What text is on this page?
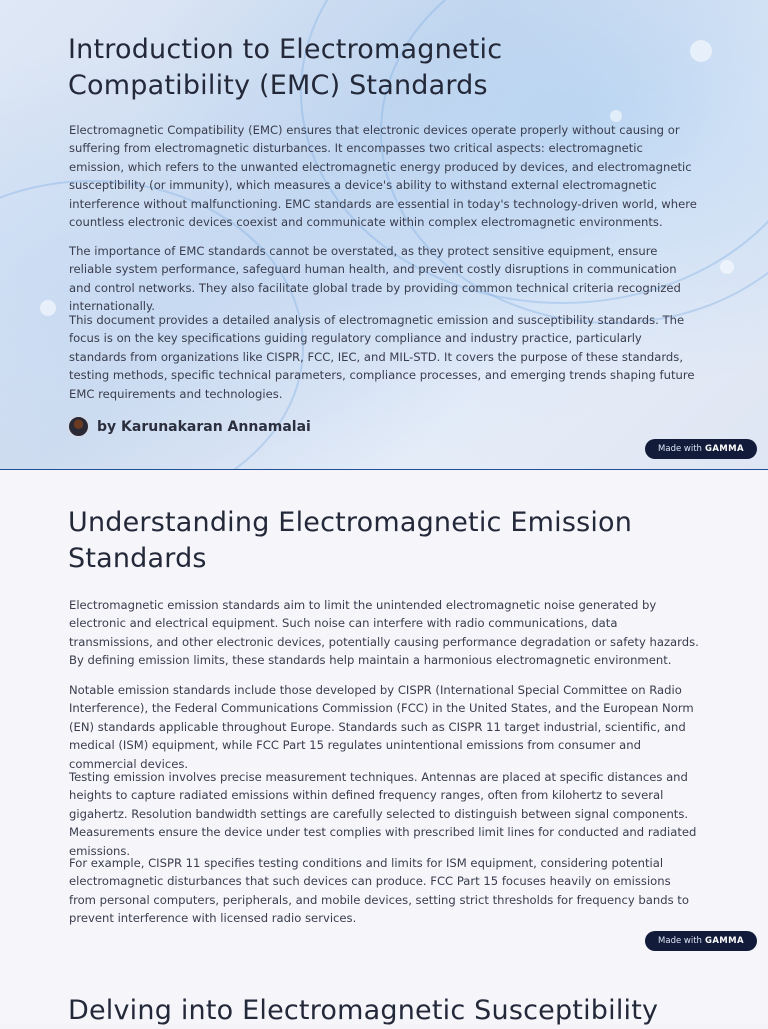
Introduction to Electromagnetic Compatibility (EMC) Standards

Electromagnetic Compatibility (EMC) ensures that electronic devices operate properly without causing or suffering from electromagnetic disturbances. It encompasses two critical aspects: electromagnetic emission, which refers to the unwanted electromagnetic energy produced by devices, and electromagnetic susceptibility (or immunity), which measures a device's ability to withstand external electromagnetic interference without malfunctioning. EMC standards are essential in today's technology-driven world, where countless electronic devices coexist and communicate within complex electromagnetic environments.

The importance of EMC standards cannot be overstated, as they protect sensitive equipment, ensure reliable system performance, safeguard human health, and prevent costly disruptions in communication and control networks. They also facilitate global trade by providing common technical criteria recognized internationally.

This document provides a detailed analysis of electromagnetic emission and susceptibility standards. The focus is on the key specifications guiding regulatory compliance and industry practice, particularly standards from organizations like CISPR, FCC, IEC, and MIL-STD. It covers the purpose of these standards, testing methods, specific technical parameters, compliance processes, and emerging trends shaping future EMC requirements and technologies.

by Karunakaran Annamalai
Made with GAMMA
Understanding Electromagnetic Emission Standards

Electromagnetic emission standards aim to limit the unintended electromagnetic noise generated by electronic and electrical equipment. Such noise can interfere with radio communications, data transmissions, and other electronic devices, potentially causing performance degradation or safety hazards. By defining emission limits, these standards help maintain a harmonious electromagnetic environment.

Notable emission standards include those developed by CISPR (International Special Committee on Radio Interference), the Federal Communications Commission (FCC) in the United States, and the European Norm (EN) standards applicable throughout Europe. Standards such as CISPR 11 target industrial, scientific, and medical (ISM) equipment, while FCC Part 15 regulates unintentional emissions from consumer and commercial devices.

Testing emission involves precise measurement techniques. Antennas are placed at specific distances and heights to capture radiated emissions within defined frequency ranges, often from kilohertz to several gigahertz. Resolution bandwidth settings are carefully selected to distinguish between signal components. Measurements ensure the device under test complies with prescribed limit lines for conducted and radiated emissions.

For example, CISPR 11 specifies testing conditions and limits for ISM equipment, considering potential electromagnetic disturbances that such devices can produce. FCC Part 15 focuses heavily on emissions from personal computers, peripherals, and mobile devices, setting strict thresholds for frequency bands to prevent interference with licensed radio services.

Made with GAMMA
Delving into Electromagnetic Susceptibility
